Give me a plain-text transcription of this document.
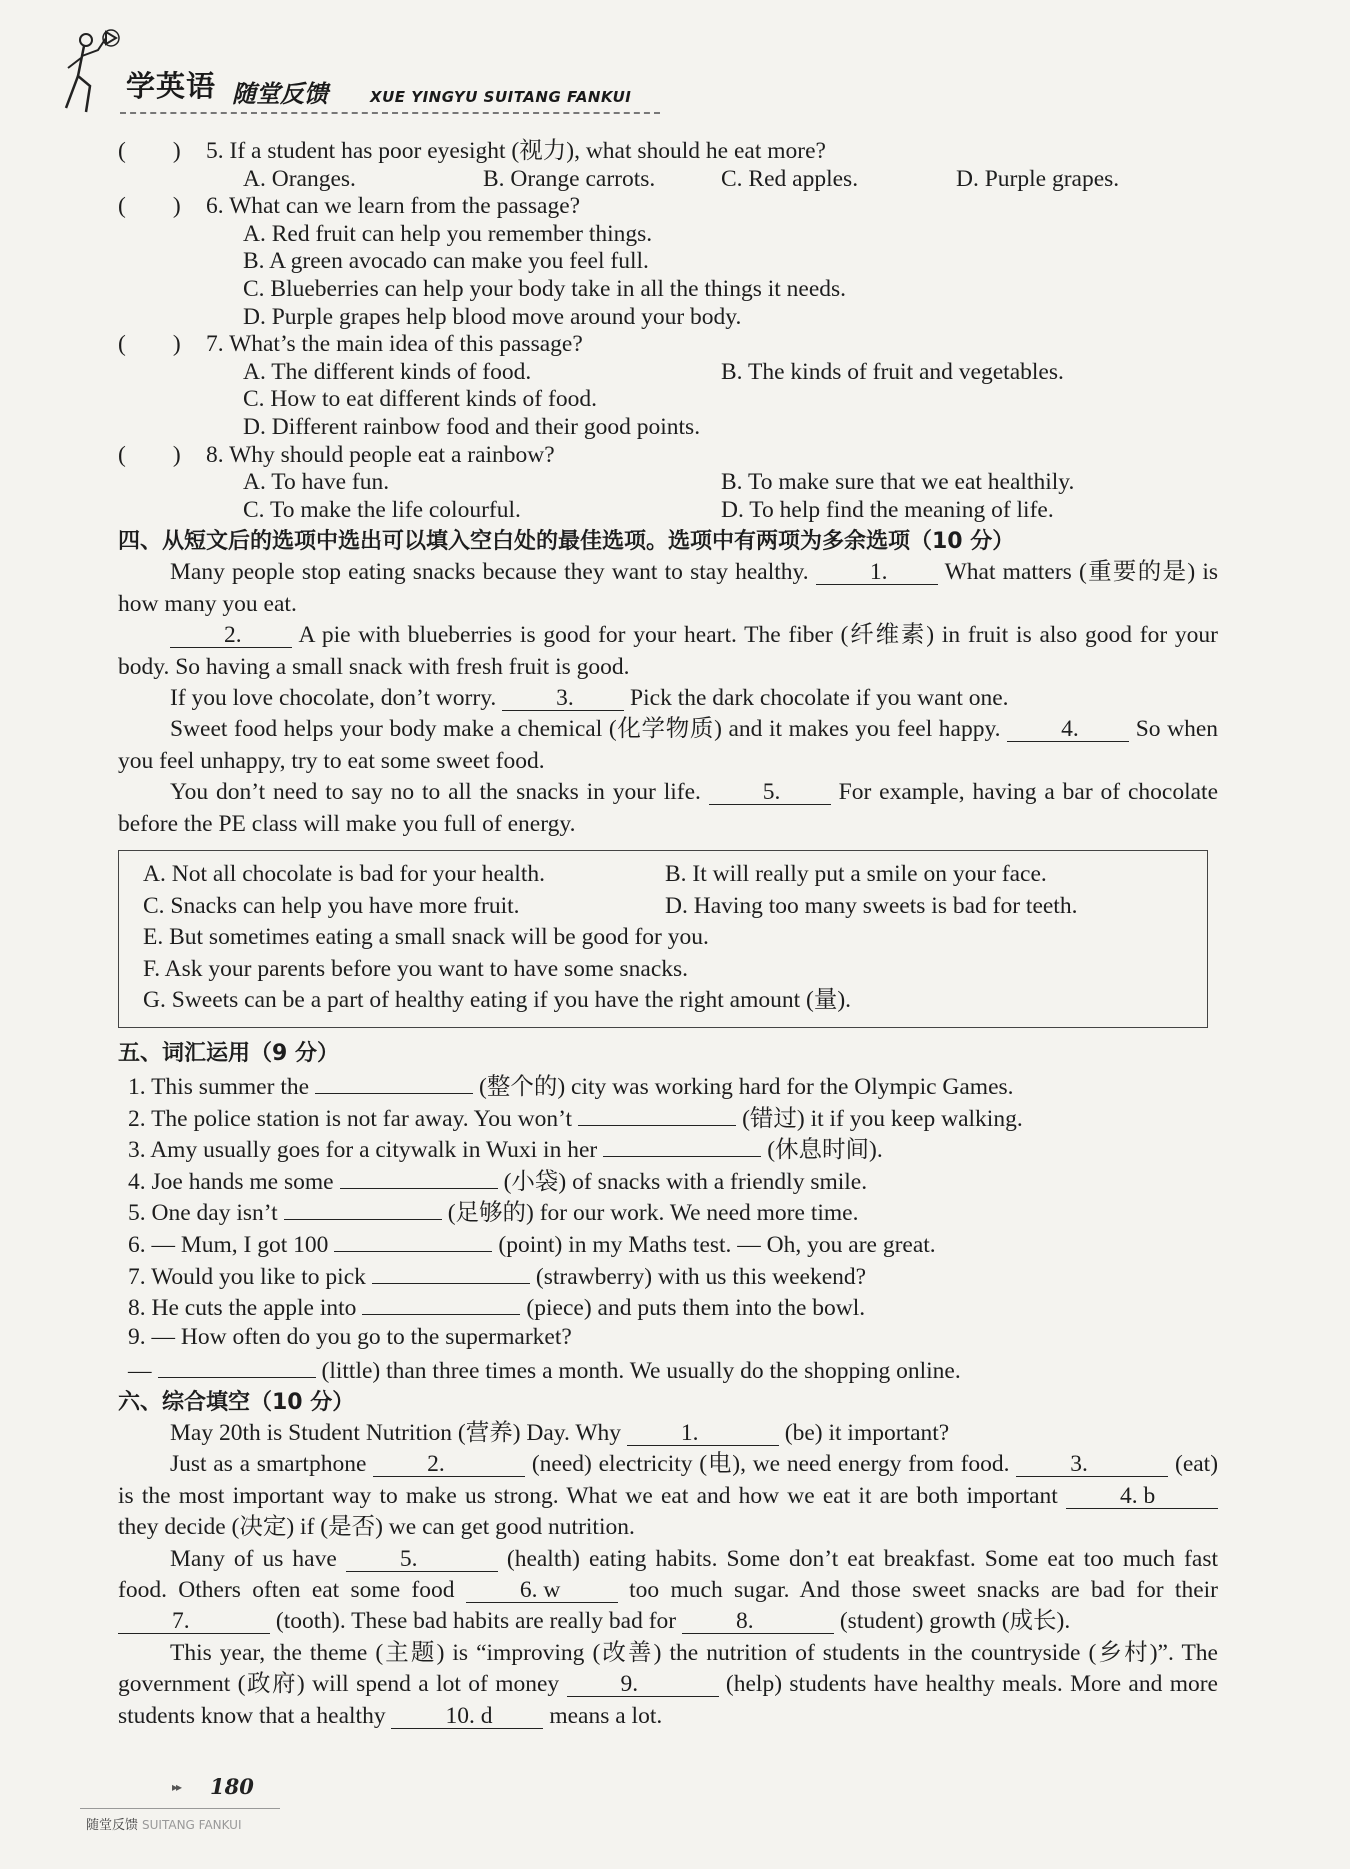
学英语 随堂反馈	XUE YINGYU SUITANG FANKUI
(　　) 5. If a student has poor eyesight (视力), what should he eat more?
A. Oranges.	B. Orange carrots.	C. Red apples.	D. Purple grapes.
(　　) 6. What can we learn from the passage?
A. Red fruit can help you remember things.
B. A green avocado can make you feel full.
C. Blueberries can help your body take in all the things it needs.
D. Purple grapes help blood move around your body.
(　　) 7. What’s the main idea of this passage?
A. The different kinds of food.	B. The kinds of fruit and vegetables.
C. How to eat different kinds of food.
D. Different rainbow food and their good points.
(　　) 8. Why should people eat a rainbow?
A. To have fun.	B. To make sure that we eat healthily.
C. To make the life colourful.	D. To help find the meaning of life.
四、从短文后的选项中选出可以填入空白处的最佳选项。选项中有两项为多余选项（10 分）
Many people stop eating snacks because they want to stay healthy.	1. What matters (重要的是) is how many you eat.
2. A pie with blueberries is good for your heart. The fiber (纤维素) in fruit is also good for your body. So having a small snack with fresh fruit is good.
If you love chocolate, don’t worry.	3. Pick the dark chocolate if you want one.
Sweet food helps your body make a chemical (化学物质) and it makes you feel happy.	4. So when you feel unhappy, try to eat some sweet food.
You don’t need to say no to all the snacks in your life.	5. For example, having a bar of chocolate before the PE class will make you full of energy.
A. Not all chocolate is bad for your health.	B. It will really put a smile on your face.
C. Snacks can help you have more fruit.	D. Having too many sweets is bad for teeth.
E. But sometimes eating a small snack will be good for you.
F. Ask your parents before you want to have some snacks.
G. Sweets can be a part of healthy eating if you have the right amount (量).
五、词汇运用（9 分）
1. This summer the	(整个的) city was working hard for the Olympic Games.
2. The police station is not far away. You won’t	(错过) it if you keep walking.
3. Amy usually goes for a citywalk in Wuxi in her	(休息时间).
4. Joe hands me some	(小袋) of snacks with a friendly smile.
5. One day isn’t	(足够的) for our work. We need more time.
6. — Mum, I got 100	(point) in my Maths test. — Oh, you are great.
7. Would you like to pick	(strawberry) with us this weekend?
8. He cuts the apple into	(piece) and puts them into the bowl.
9. — How often do you go to the supermarket?
—	(little) than three times a month. We usually do the shopping online.
六、综合填空（10 分）
May 20th is Student Nutrition (营养) Day. Why	1.	(be) it important?
Just as a smartphone	2.	(need) electricity (电), we need energy from food.	3.	(eat) is the most important way to make us strong. What we eat and how we eat it are both important	4. b they decide (决定) if (是否) we can get good nutrition.
Many of us have	5.	(health) eating habits. Some don’t eat breakfast. Some eat too much fast food. Others often eat some food	6. w	too much sugar. And those sweet snacks are bad for their 7.	(tooth). These bad habits are really bad for	8.	(student) growth (成长).
This year, the theme (主题) is “improving (改善) the nutrition of students in the countryside (乡村)”. The government (政府) will spend a lot of money	9.	(help) students have healthy meals. More and more students know that a healthy	10. d means a lot.
▸▸ 180
随堂反馈 SUITANG FANKUI
